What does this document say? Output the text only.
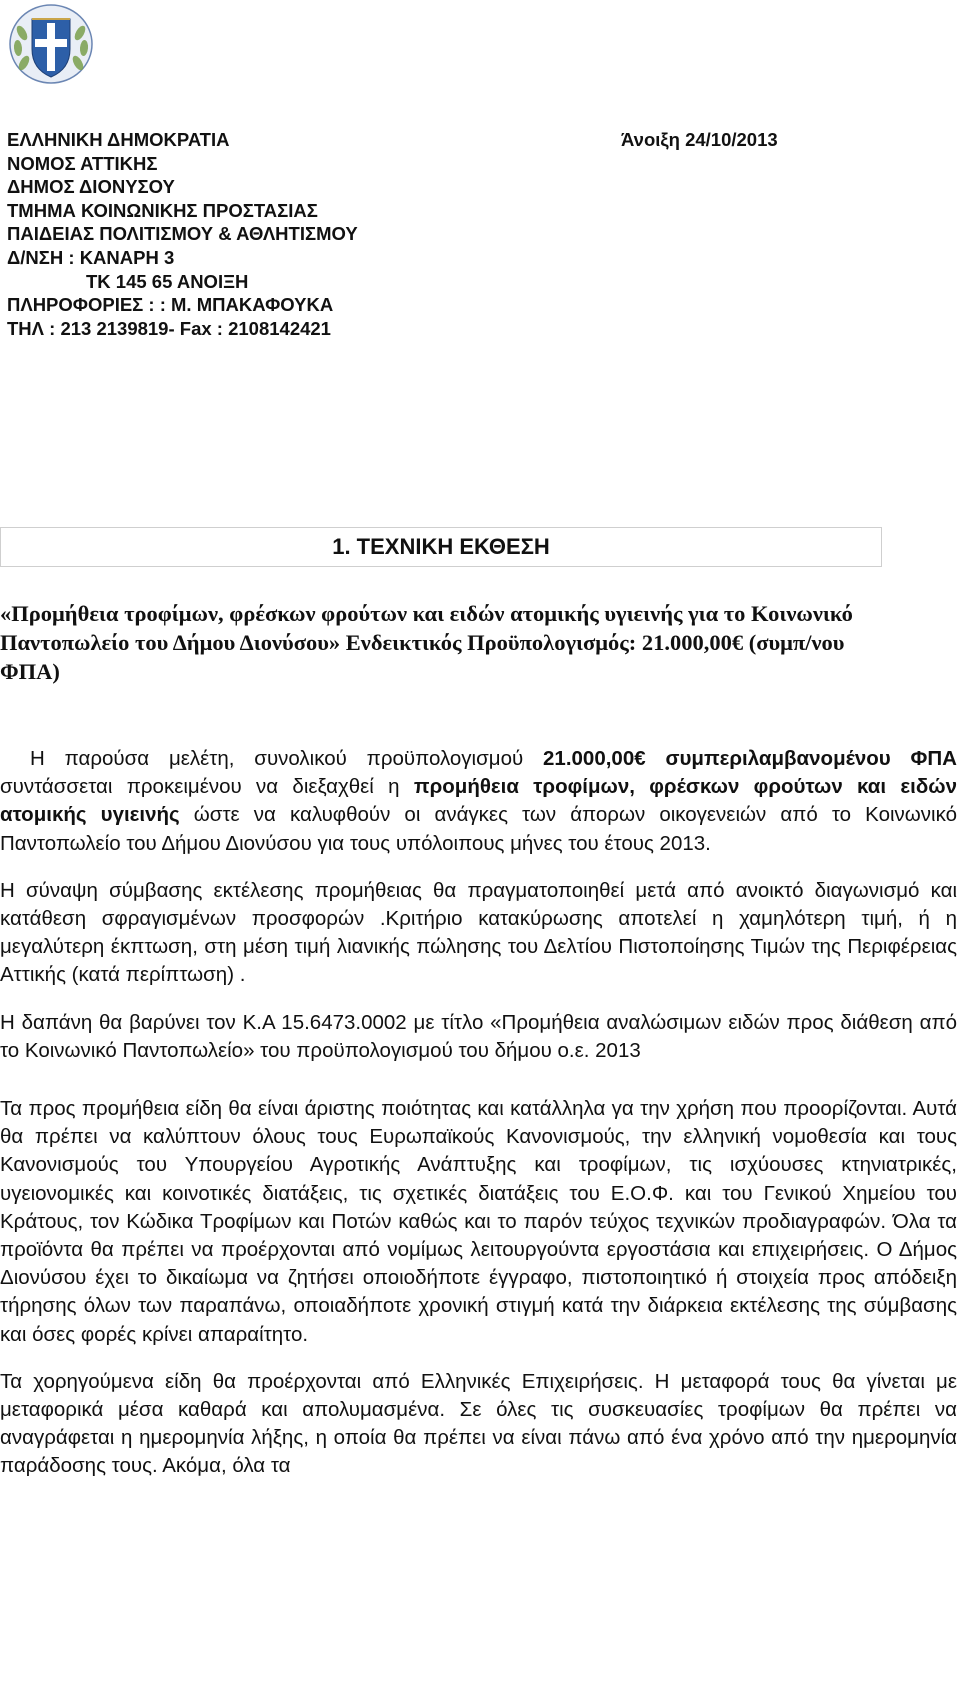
ΕΛΛΗΝΙΚΗ ΔΗΜΟΚΡΑΤΙΑ
ΝΟΜΟΣ ΑΤΤΙΚΗΣ
ΔΗΜΟΣ ΔΙΟΝΥΣΟΥ
ΤΜΗΜΑ ΚΟΙΝΩΝΙΚΗΣ ΠΡΟΣΤΑΣΙΑΣ
ΠΑΙΔΕΙΑΣ ΠΟΛΙΤΙΣΜΟΥ & ΑΘΛΗΤΙΣΜΟΥ
Δ/ΝΣΗ : ΚΑΝΑΡΗ 3
ΤΚ 145 65 ΑΝΟΙΞΗ
ΠΛΗΡΟΦΟΡΙΕΣ : : Μ. ΜΠΑΚΑΦΟΥΚΑ
ΤΗΛ : 213 2139819- Fax : 2108142421
Άνοιξη 24/10/2013
1. ΤΕΧΝΙΚΗ ΕΚΘΕΣΗ
«Προμήθεια τροφίμων, φρέσκων φρούτων και ειδών ατομικής υγιεινής για το Κοινωνικό Παντοπωλείο του Δήμου Διονύσου» Ενδεικτικός Προϋπολογισμός: 21.000,00€ (συμπ/νου ΦΠΑ)

Η παρούσα μελέτη, συνολικού προϋπολογισμού 21.000,00€ συμπεριλαμβανομένου ΦΠΑ συντάσσεται προκειμένου να διεξαχθεί η προμήθεια τροφίμων, φρέσκων φρούτων και ειδών ατομικής υγιεινής ώστε να καλυφθούν οι ανάγκες των άπορων οικογενειών από το Κοινωνικό Παντοπωλείο του Δήμου Διονύσου για τους υπόλοιπους μήνες του έτους 2013.

Η σύναψη σύμβασης εκτέλεσης προμήθειας θα πραγματοποιηθεί μετά από ανοικτό διαγωνισμό και κατάθεση σφραγισμένων προσφορών .Κριτήριο κατακύρωσης αποτελεί η χαμηλότερη τιμή, ή η μεγαλύτερη έκπτωση, στη μέση τιμή λιανικής πώλησης του Δελτίου Πιστοποίησης Τιμών της Περιφέρειας Αττικής (κατά περίπτωση) .

Η δαπάνη θα βαρύνει τον Κ.Α 15.6473.0002 με τίτλο «Προμήθεια αναλώσιμων ειδών προς διάθεση από το Κοινωνικό Παντοπωλείο» του προϋπολογισμού του δήμου ο.ε. 2013

Τα προς προμήθεια είδη θα είναι άριστης ποιότητας και κατάλληλα γα την χρήση που προορίζονται. Αυτά θα πρέπει να καλύπτουν όλους τους Ευρωπαϊκούς Κανονισμούς, την ελληνική νομοθεσία και τους Κανονισμούς του Υπουργείου Αγροτικής Ανάπτυξης και τροφίμων, τις ισχύουσες κτηνιατρικές, υγειονομικές και κοινοτικές διατάξεις, τις σχετικές διατάξεις του Ε.Ο.Φ. και του Γενικού Χημείου του Κράτους, τον Κώδικα Τροφίμων και Ποτών καθώς και το παρόν τεύχος τεχνικών προδιαγραφών. Όλα τα προϊόντα θα πρέπει να προέρχονται από νομίμως λειτουργούντα εργοστάσια και επιχειρήσεις. Ο Δήμος Διονύσου έχει το δικαίωμα να ζητήσει οποιοδήποτε έγγραφο, πιστοποιητικό ή στοιχεία προς απόδειξη τήρησης όλων των παραπάνω, οποιαδήποτε χρονική στιγμή κατά την διάρκεια εκτέλεσης της σύμβασης και όσες φορές κρίνει απαραίτητο.

Τα χορηγούμενα είδη θα προέρχονται από Ελληνικές Επιχειρήσεις. Η μεταφορά τους θα γίνεται με μεταφορικά μέσα καθαρά και απολυμασμένα. Σε όλες τις συσκευασίες τροφίμων θα πρέπει να αναγράφεται η ημερομηνία λήξης, η οποία θα πρέπει να είναι πάνω από ένα χρόνο από την ημερομηνία παράδοσης τους. Ακόμα, όλα τα
